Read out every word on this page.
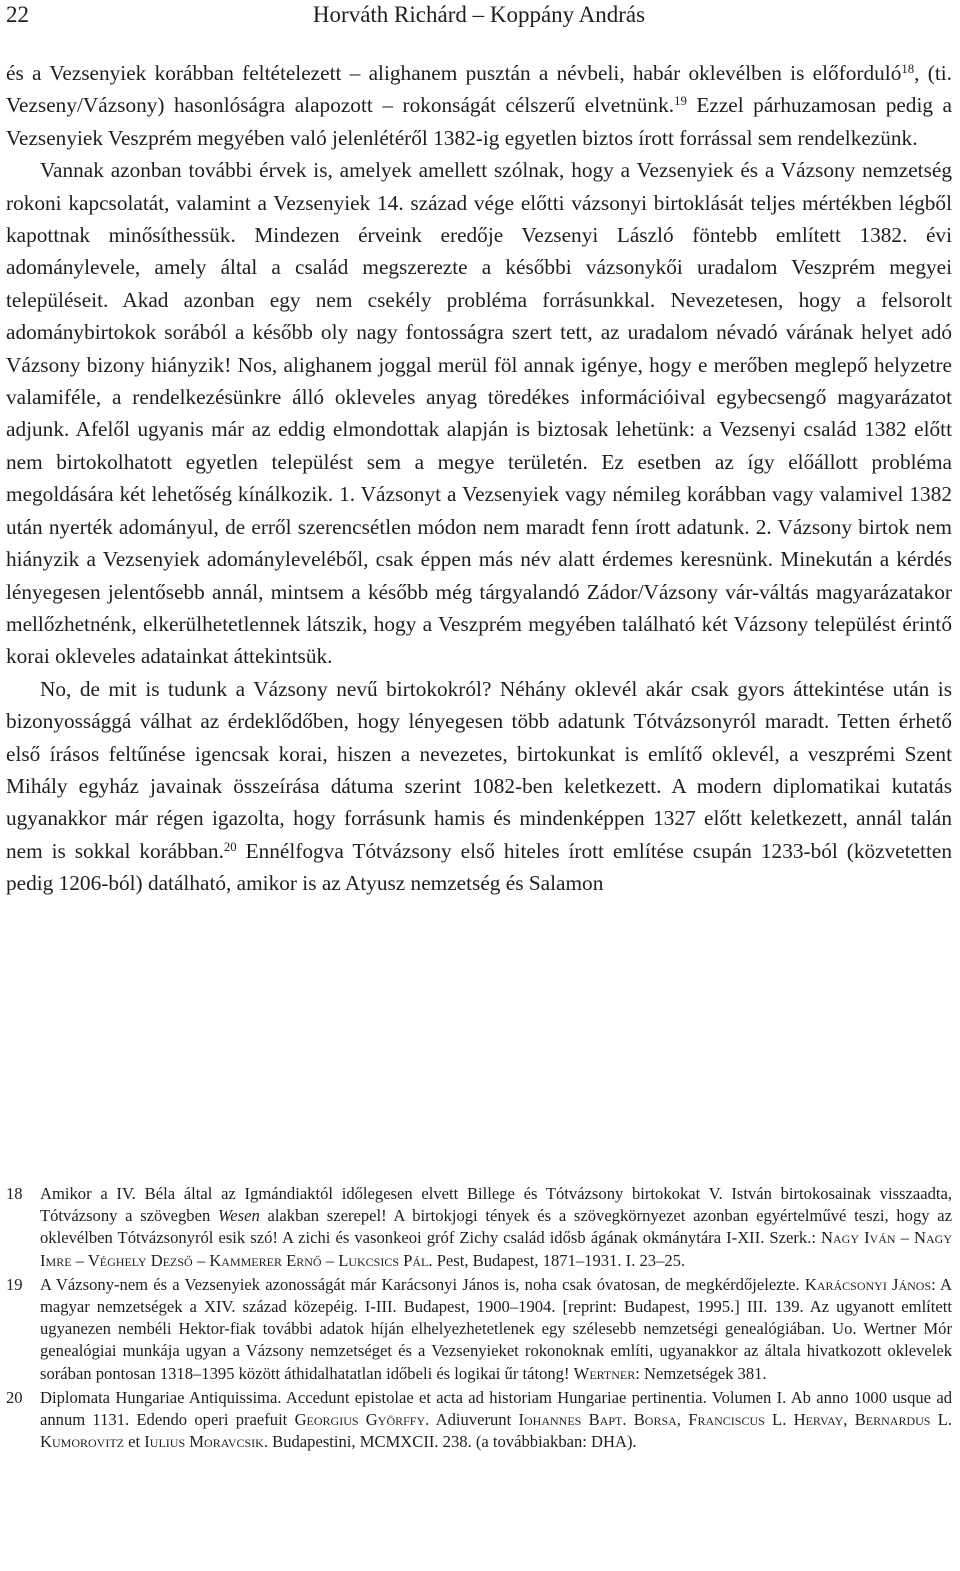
22	Horváth Richárd – Koppány András

és a Vezsenyiek korábban feltételezett – alighanem pusztán a névbeli, habár oklevélben is előforduló$^{18}$, (ti. Vezseny/Vázsony) hasonlóságra alapozott – rokonságát célszerű elvetnünk.$^{19}$ Ezzel párhuzamosan pedig a Vezsenyiek Veszprém megyében való jelenlétéről 1382-ig egyetlen biztos írott forrással sem rendelkezünk.

Vannak azonban további érvek is, amelyek amellett szólnak, hogy a Vezsenyiek és a Vázsony nemzetség rokoni kapcsolatát, valamint a Vezsenyiek 14. század vége előtti vázsonyi birtoklását teljes mértékben légből kapottnak minősíthessük. Mindezen érveink eredője Vezsenyi László föntebb említett 1382. évi adománylevele, amely által a család megszerezte a későbbi vázsonykői uradalom Veszprém megyei településeit. Akad azonban egy nem csekély probléma forrásunkkal. Nevezetesen, hogy a felsorolt adománybirtokok sorából a később oly nagy fontosságra szert tett, az uradalom névadó várának helyet adó Vázsony bizony hiányzik! Nos, alighanem joggal merül föl annak igénye, hogy e merőben meglepő helyzetre valamiféle, a rendelkezésünkre álló okleveles anyag töredékes információival egybecsengő magyarázatot adjunk. Afelől ugyanis már az eddig elmondottak alapján is biztosak lehetünk: a Vezsenyi család 1382 előtt nem birtokolhatott egyetlen települést sem a megye területén. Ez esetben az így előállott probléma megoldására két lehetőség kínálkozik. 1. Vázsonyt a Vezsenyiek vagy némileg korábban vagy valamivel 1382 után nyerték adományul, de erről szerencsétlen módon nem maradt fenn írott adatunk. 2. Vázsony birtok nem hiányzik a Vezsenyiek adományleveléből, csak éppen más név alatt érdemes keresnünk. Minekután a kérdés lényegesen jelentősebb annál, mintsem a később még tárgyalandó Zádor/Vázsony vár-váltás magyarázatakor mellőzhetnénk, elkerülhetetlennek látszik, hogy a Veszprém megyében található két Vázsony települést érintő korai okleveles adatainkat áttekintsük.

No, de mit is tudunk a Vázsony nevű birtokokról? Néhány oklevél akár csak gyors áttekintése után is bizonyossággá válhat az érdeklődőben, hogy lényegesen több adatunk Tótvázsonyról maradt. Tetten érhető első írásos feltűnése igencsak korai, hiszen a nevezetes, birtokunkat is említő oklevél, a veszprémi Szent Mihály egyház javainak összeírása dátuma szerint 1082-ben keletkezett. A modern diplomatikai kutatás ugyanakkor már régen igazolta, hogy forrásunk hamis és mindenképpen 1327 előtt keletkezett, annál talán nem is sokkal korábban.$^{20}$ Ennélfogva Tótvázsony első hiteles írott említése csupán 1233-ból (közvetetten pedig 1206-ból) datálható, amikor is az Atyusz nemzetség és Salamon

18 Amikor a IV. Béla által az Igmándiaktól időlegesen elvett Billege és Tótvázsony birtokokat V. István birtokosainak visszaadta, Tótvázsony a szövegben Wesen alakban szerepel! A birtokjogi tények és a szövegkörnyezet azonban egyértelművé teszi, hogy az oklevélben Tótvázsonyról esik szó! A zichi és vasonkeoi gróf Zichy család idősb ágának okmánytára I-XII. Szerk.: Nagy Iván – Nagy Imre – Véghely Dezső – Kammerer Ernő – Lukcsics Pál. Pest, Budapest, 1871–1931. I. 23–25.
19 A Vázsony-nem és a Vezsenyiek azonosságát már Karácsonyi János is, noha csak óvatosan, de megkérdőjelezte. Karácsonyi János: A magyar nemzetségek a XIV. század közepéig. I-III. Budapest, 1900–1904. [reprint: Budapest, 1995.] III. 139. Az ugyanott említett ugyanezen nembéli Hektor-fiak további adatok híján elhelyezhetetlenek egy szélesebb nemzetségi genealógiában. Uo. Wertner Mór genealógiai munkája ugyan a Vázsony nemzetséget és a Vezsenyieket rokonoknak említi, ugyanakkor az általa hivatkozott oklevelek sorában pontosan 1318–1395 között áthidalhatatlan időbeli és logikai űr tátong! Wertner: Nemzetségek 381.
20 Diplomata Hungariae Antiquissima. Accedunt epistolae et acta ad historiam Hungariae pertinentia. Volumen I. Ab anno 1000 usque ad annum 1131. Edendo operi praefuit Georgius Györffy. Adiuverunt Iohannes Bapt. Borsa, Franciscus L. Hervay, Bernardus L. Kumorovitz et Iulius Moravcsik. Budapestini, MCMXCII. 238. (a továbbiakban: DHA).
